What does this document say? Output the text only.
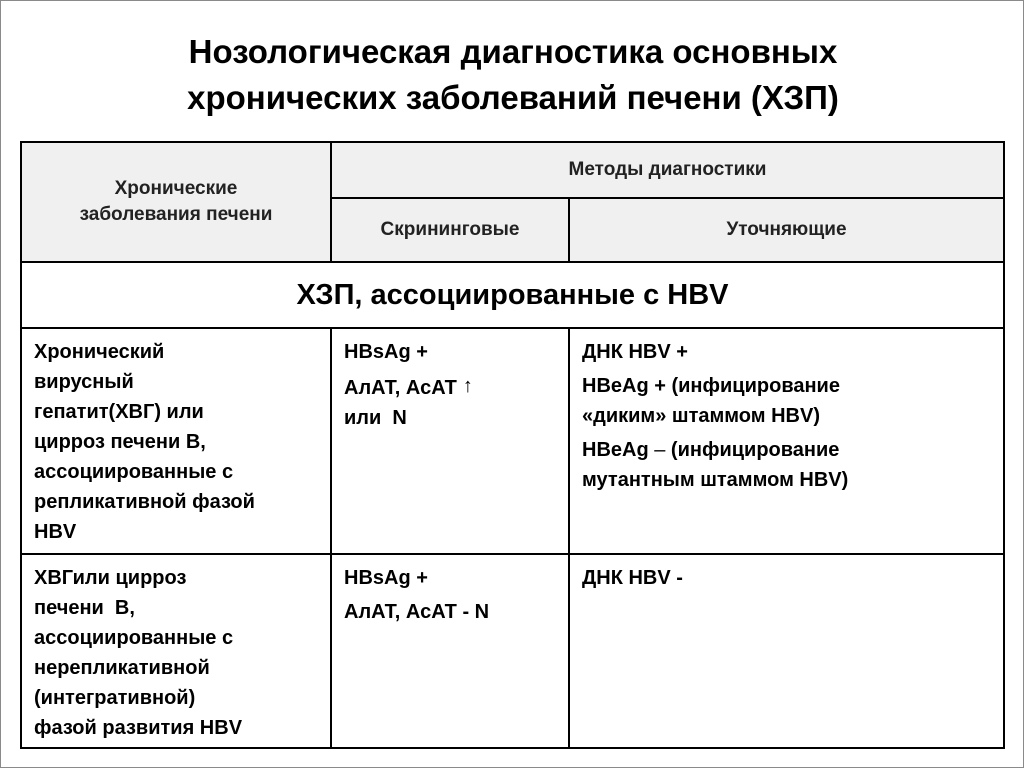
Нозологическая диагностика основных
хронических заболеваний печени (ХЗП)
Хронические
заболевания печени
Методы диагностики
Скрининговые	Уточняющие
ХЗП, ассоциированные с HBV
Хронический
вирусный
гепатит(ХВГ) или
цирроз печени В,
ассоциированные с
репликативной фазой
HBV
HBsAg +
АлАТ, АсАТ ↑
или  N
ДНК HBV +
HBeAg + (инфицирование
«диким» штаммом HBV)
HBeAg – (инфицирование
мутантным штаммом HBV)
ХВГили цирроз
печени  В,
ассоциированные с
нерепликативной
(интегративной)
фазой развития HBV
HBsAg +
АлАТ, АсАТ - N
ДНК HBV -
